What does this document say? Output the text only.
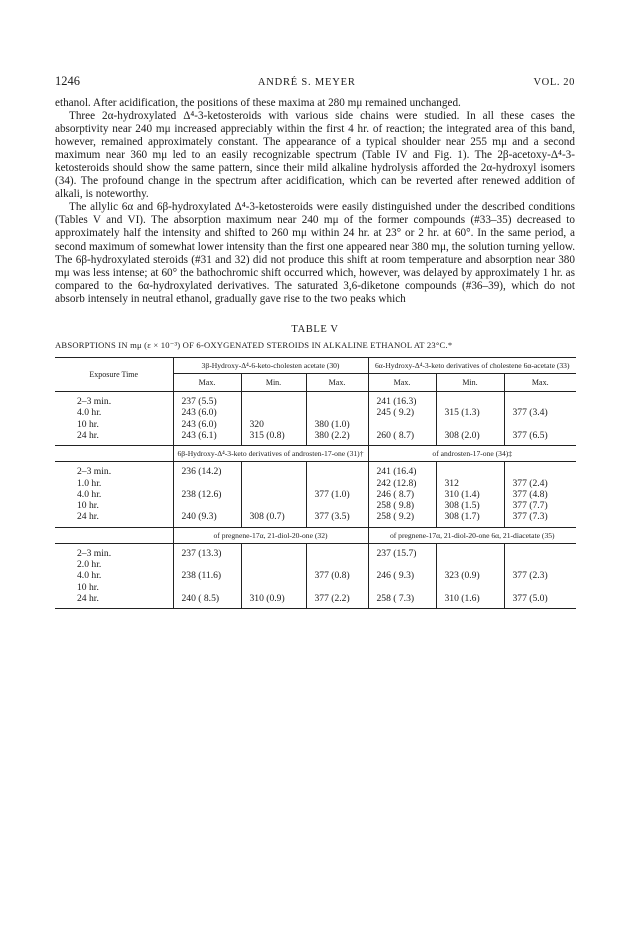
1246	ANDRÉ S. MEYER	VOL. 20

ethanol. After acidification, the positions of these maxima at 280 mμ remained unchanged.

Three 2α-hydroxylated Δ⁴-3-ketosteroids with various side chains were studied. In all these cases the absorptivity near 240 mμ increased appreciably within the first 4 hr. of reaction; the integrated area of this band, however, remained approximately constant. The appearance of a typical shoulder near 255 mμ and a second maximum near 360 mμ led to an easily recognizable spectrum (Table IV and Fig. 1). The 2β-acetoxy-Δ⁴-3-ketosteroids should show the same pattern, since their mild alkaline hydrolysis afforded the 2α-hydroxyl isomers (34). The profound change in the spectrum after acidification, which can be reverted after renewed addition of alkali, is noteworthy.

The allylic 6α and 6β-hydroxylated Δ⁴-3-ketosteroids were easily distinguished under the described conditions (Tables V and VI). The absorption maximum near 240 mμ of the former compounds (#33–35) decreased to approximately half the intensity and shifted to 260 mμ within 24 hr. at 23° or 2 hr. at 60°. In the same period, a second maximum of somewhat lower intensity than the first one appeared near 380 mμ, the solution turning yellow. The 6β-hydroxylated steroids (#31 and 32) did not produce this shift at room temperature and absorption near 380 mμ was less intense; at 60° the bathochromic shift occurred which, however, was delayed by approximately 1 hr. as compared to the 6α-hydroxylated derivatives. The saturated 3,6-diketone compounds (#36–39), which do not absorb intensely in neutral ethanol, gradually gave rise to the two peaks which

TABLE V
ABSORPTIONS IN mμ (ε × 10⁻³) OF 6-OXYGENATED STEROIDS IN ALKALINE ETHANOL AT 23°C.*
Exposure Time	3β-Hydroxy-Δ⁴-6-keto-cholesten acetate (30)			6α-Hydroxy-Δ⁴-3-keto derivatives of cholestene 6α-acetate (33)		
	Max.	Min.	Max.	Max.	Min.	Max.

2–3 min.	237 (5.5)			241 (16.3)		
4.0 hr.	243 (6.0)			245 ( 9.2)	315 (1.3)	377 (3.4)
10 hr.	243 (6.0)	320	380 (1.0)			
24 hr.	243 (6.1)	315 (0.8)	380 (2.2)	260 ( 8.7)	308 (2.0)	377 (6.5)

	6β-Hydroxy-Δ⁴-3-keto derivatives of androsten-17-one (31)†			of androsten-17-one (34)‡		

2–3 min.	236 (14.2)			241 (16.4)		
1.0 hr.				242 (12.8)	312	377 (2.4)
4.0 hr.	238 (12.6)		377 (1.0)	246 ( 8.7)	310 (1.4)	377 (4.8)
10 hr.				258 ( 9.8)	308 (1.5)	377 (7.7)
24 hr.	240 (9.3)	308 (0.7)	377 (3.5)	258 ( 9.2)	308 (1.7)	377 (7.3)

	of pregnene-17α, 21-diol-20-one (32)			of pregnene-17α, 21-diol-20-one 6α, 21-diacetate (35)		

2–3 min.	237 (13.3)			237 (15.7)		
2.0 hr.						
4.0 hr.	238 (11.6)		377 (0.8)	246 ( 9.3)	323 (0.9)	377 (2.3)
10 hr.						
24 hr.	240 ( 8.5)	310 (0.9)	377 (2.2)	258 ( 7.3)	310 (1.6)	377 (5.0)
